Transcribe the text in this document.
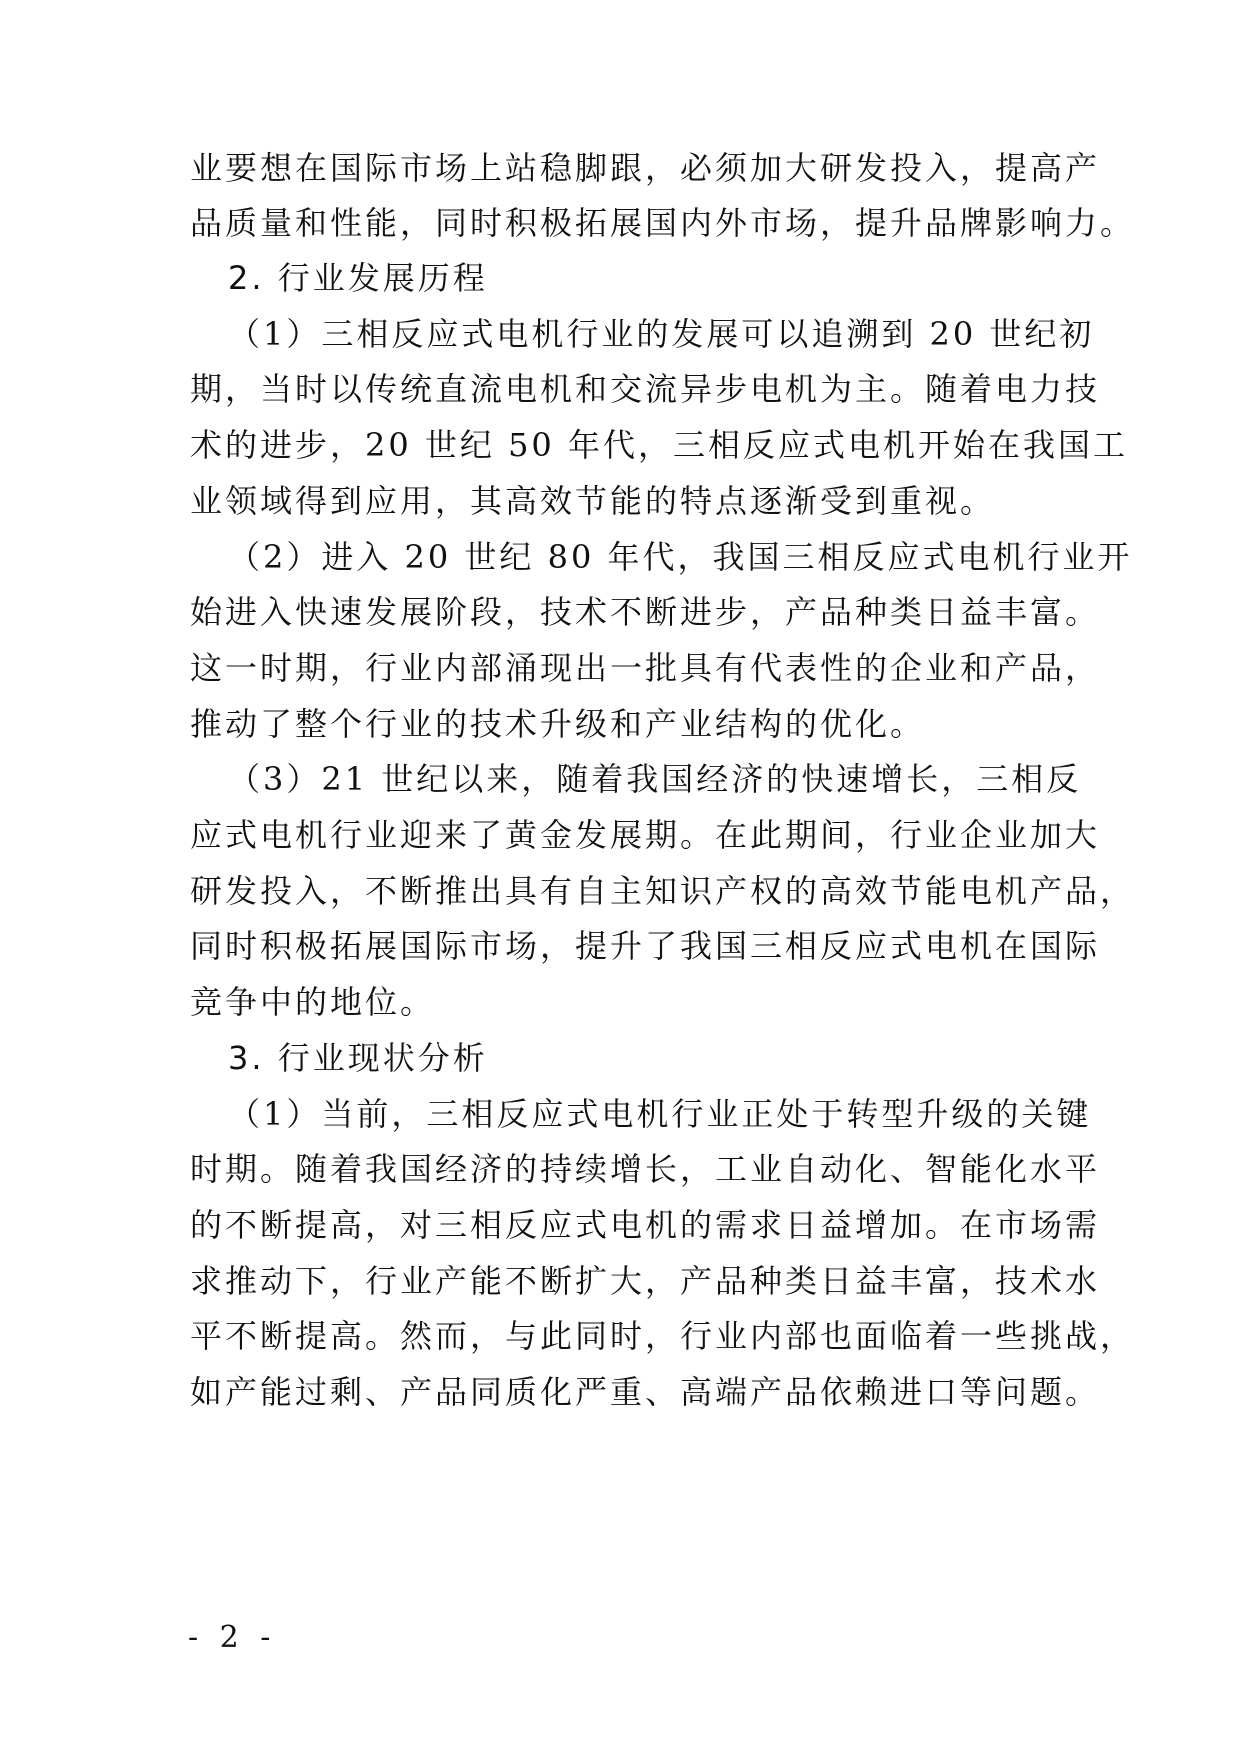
业要想在国际市场上站稳脚跟，必须加大研发投入，提高产
品质量和性能，同时积极拓展国内外市场，提升品牌影响力。
2. 行业发展历程
（1）三相反应式电机行业的发展可以追溯到 20 世纪初
期，当时以传统直流电机和交流异步电机为主。随着电力技
术的进步，20 世纪 50 年代，三相反应式电机开始在我国工
业领域得到应用，其高效节能的特点逐渐受到重视。
（2）进入 20 世纪 80 年代，我国三相反应式电机行业开
始进入快速发展阶段，技术不断进步，产品种类日益丰富。
这一时期，行业内部涌现出一批具有代表性的企业和产品，
推动了整个行业的技术升级和产业结构的优化。
（3）21 世纪以来，随着我国经济的快速增长，三相反
应式电机行业迎来了黄金发展期。在此期间，行业企业加大
研发投入，不断推出具有自主知识产权的高效节能电机产品，
同时积极拓展国际市场，提升了我国三相反应式电机在国际
竞争中的地位。
3. 行业现状分析
（1）当前，三相反应式电机行业正处于转型升级的关键
时期。随着我国经济的持续增长，工业自动化、智能化水平
的不断提高，对三相反应式电机的需求日益增加。在市场需
求推动下，行业产能不断扩大，产品种类日益丰富，技术水
平不断提高。然而，与此同时，行业内部也面临着一些挑战，
如产能过剩、产品同质化严重、高端产品依赖进口等问题。
- 2 -
